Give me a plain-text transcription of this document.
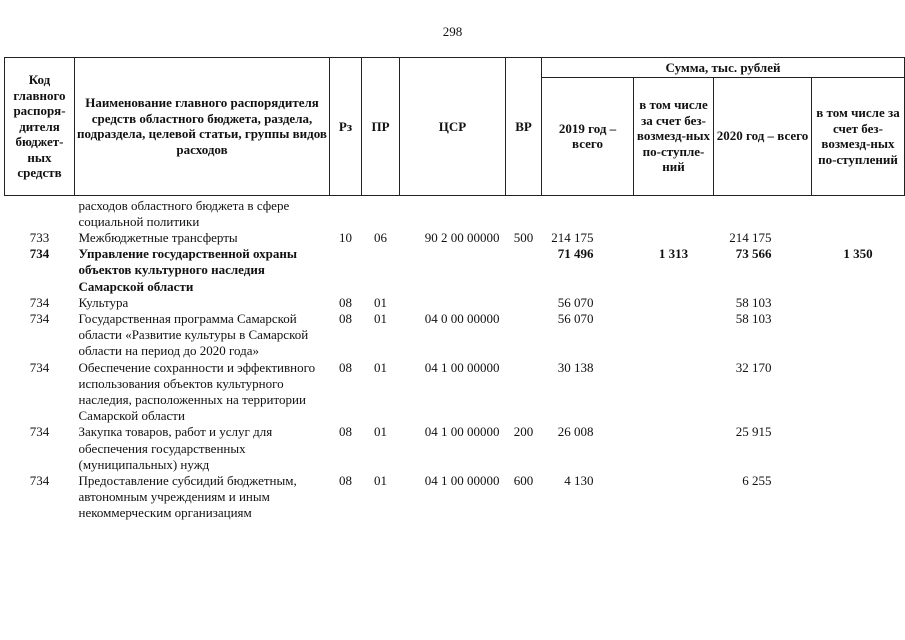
298
Код главного распоря-дителя бюджет-ных средств	Наименование главного распорядителя средств областного бюджета, раздела, подраздела, целевой статьи, группы видов расходов	Рз	ПР	ЦСР	ВР	Сумма, тыс. рублей			
						2019 год – всего	в том числе за счет без-возмезд-ных по-ступле-ний	2020 год – всего	в том числе за счет без-возмезд-ных по-ступлений
	расходов областного бюджета в сфере социальной политики								
733	Межбюджетные трансферты	10	06	90 2 00 00000	500	214 175		214 175	
734	Управление государственной охраны объектов культурного наследия Самарской области					71 496	1 313	73 566	1 350
734	Культура	08	01			56 070		58 103	
734	Государственная программа Самарской области «Развитие культуры в Самарской области на период до 2020 года»	08	01	04 0 00 00000		56 070		58 103	
734	Обеспечение сохранности и эффективного использования объектов культурного наследия, расположенных на территории Самарской области	08	01	04 1 00 00000		30 138		32 170	
734	Закупка товаров, работ и услуг для обеспечения государственных (муниципальных) нужд	08	01	04 1 00 00000	200	26 008		25 915	
734	Предоставление субсидий бюджетным, автономным учреждениям и иным некоммерческим организациям	08	01	04 1 00 00000	600	4 130		6 255	
